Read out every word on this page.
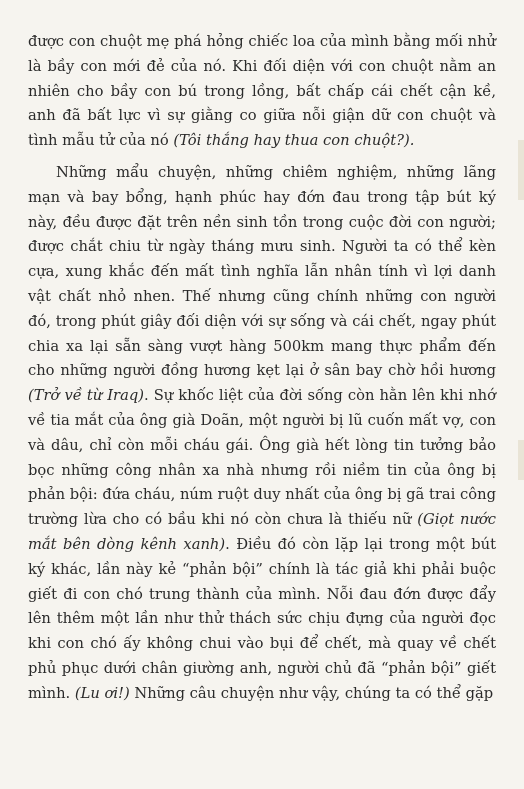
được con chuột mẹ phá hỏng chiếc loa của mình bằng mối nhử là bầy con mới đẻ của nó. Khi đối diện với con chuột nằm an nhiên cho bầy con bú trong lồng, bất chấp cái chết cận kề, anh đã bất lực vì sự giằng co giữa nỗi giận dữ con chuột và tình mẫu tử của nó (Tôi thắng hay thua con chuột?).

Những mẩu chuyện, những chiêm nghiệm, những lãng mạn và bay bổng, hạnh phúc hay đớn đau trong tập bút ký này, đều được đặt trên nền sinh tồn trong cuộc đời con người; được chắt chiu từ ngày tháng mưu sinh. Người ta có thể kèn cựa, xung khắc đến mất tình nghĩa lẫn nhân tính vì lợi danh vật chất nhỏ nhen. Thế nhưng cũng chính những con người đó, trong phút giây đối diện với sự sống và cái chết, ngay phút chia xa lại sẵn sàng vượt hàng 500km mang thực phẩm đến cho những người đồng hương kẹt lại ở sân bay chờ hồi hương (Trở về từ Iraq). Sự khốc liệt của đời sống còn hằn lên khi nhớ về tia mắt của ông già Doãn, một người bị lũ cuốn mất vợ, con và dâu, chỉ còn mỗi cháu gái. Ông già hết lòng tin tưởng bảo bọc những công nhân xa nhà nhưng rồi niềm tin của ông bị phản bội: đứa cháu, núm ruột duy nhất của ông bị gã trai công trường lừa cho có bầu khi nó còn chưa là thiếu nữ (Giọt nước mắt bên dòng kênh xanh). Điều đó còn lặp lại trong một bút ký khác, lần này kẻ “phản bội” chính là tác giả khi phải buộc giết đi con chó trung thành của mình. Nỗi đau đớn được đẩy lên thêm một lần như thử thách sức chịu đựng của người đọc khi con chó ấy không chui vào bụi để chết, mà quay về chết phủ phục dưới chân giường anh, người chủ đã “phản bội” giết mình. (Lu ơi!) Những câu chuyện như vậy, chúng ta có thể gặp
